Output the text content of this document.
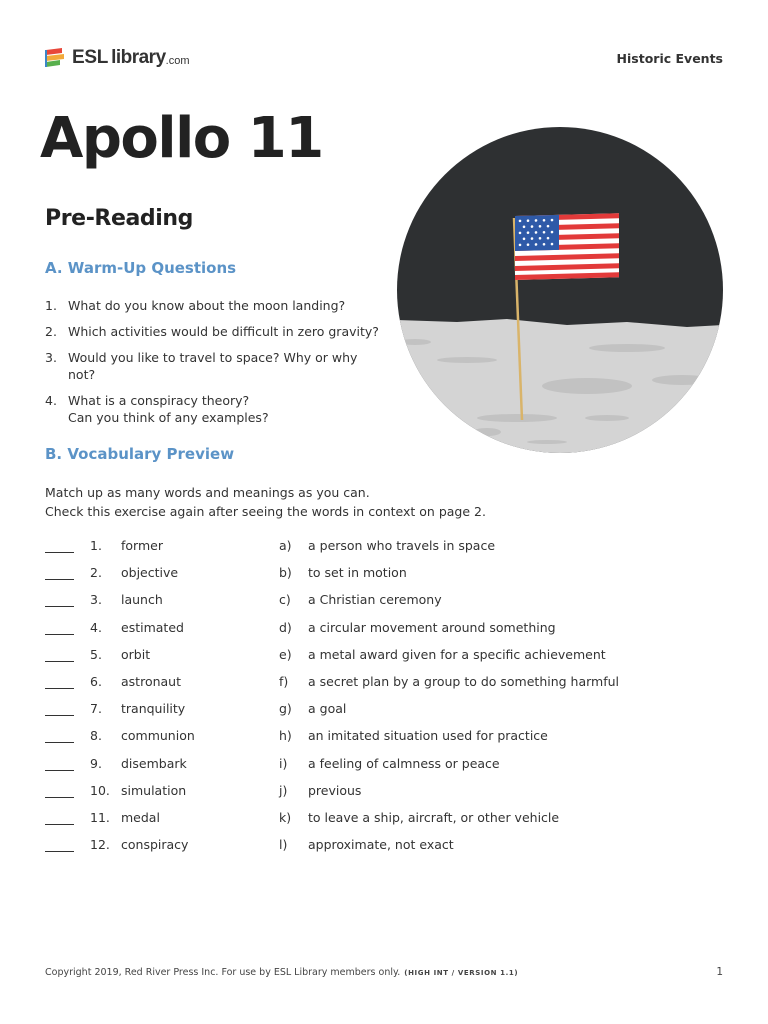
ESL library .com	Historic Events
Apollo 11
Pre-Reading
A. Warm-Up Questions
1. What do you know about the moon landing?
2. Which activities would be difficult in zero gravity?
3. Would you like to travel to space? Why or why not?
4. What is a conspiracy theory?
Can you think of any examples?
B. Vocabulary Preview
Match up as many words and meanings as you can.
Check this exercise again after seeing the words in context on page 2.
1. former	a) a person who travels in space
2. objective	b) to set in motion
3. launch	c) a Christian ceremony
4. estimated	d) a circular movement around something
5. orbit	e) a metal award given for a specific achievement
6. astronaut	f) a secret plan by a group to do something harmful
7. tranquility	g) a goal
8. communion	h) an imitated situation used for practice
9. disembark	i) a feeling of calmness or peace
10. simulation	j) previous
11. medal	k) to leave a ship, aircraft, or other vehicle
12. conspiracy	l) approximate, not exact
Copyright 2019, Red River Press Inc. For use by ESL Library members only. (HIGH INT / VERSION 1.1)	1
